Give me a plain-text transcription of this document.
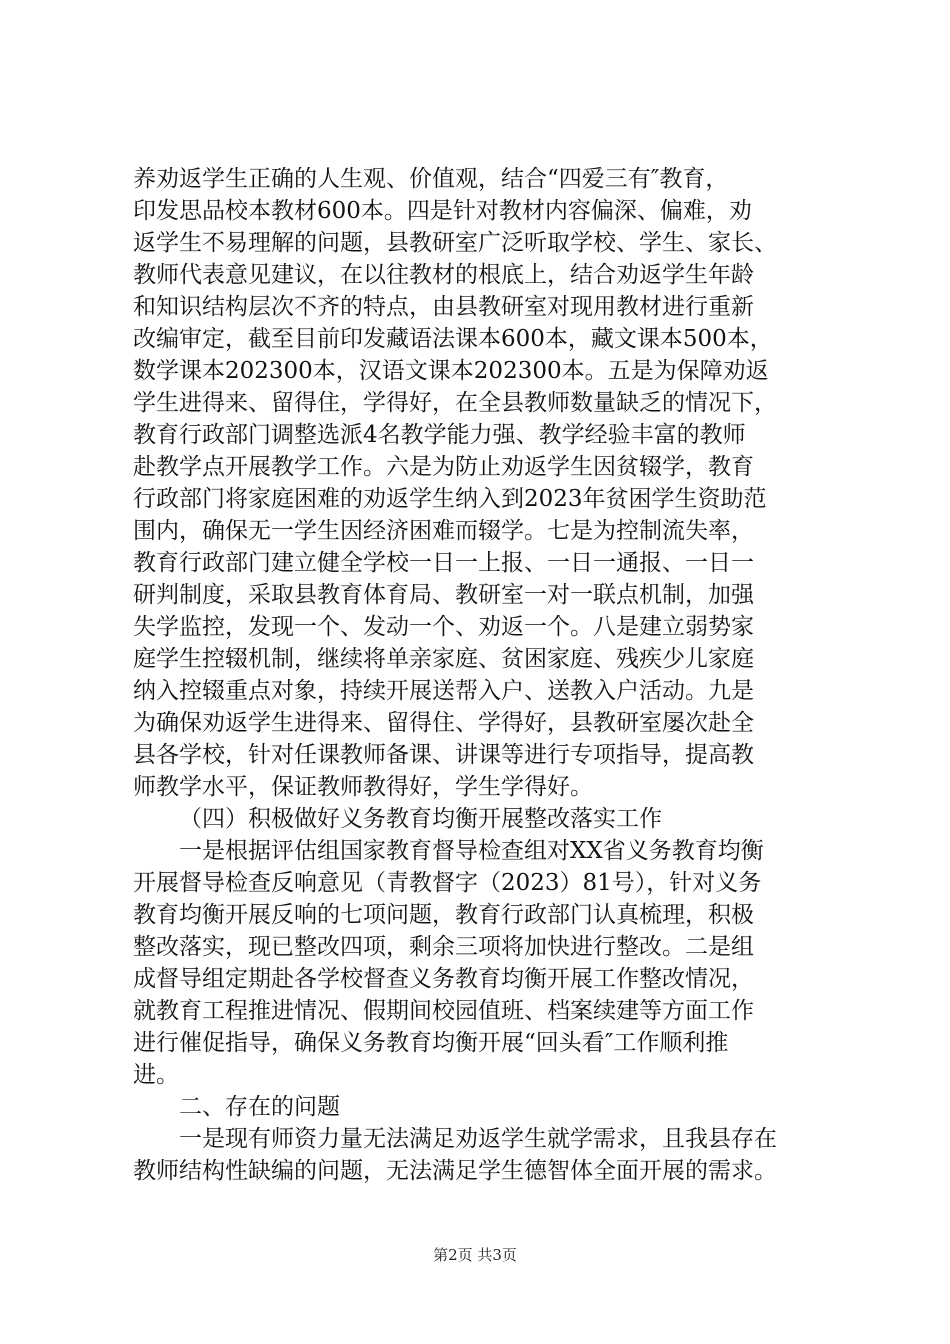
养劝返学生正确的人生观、价值观，结合“四爱三有″教育，
印发思品校本教材600本。四是针对教材内容偏深、偏难，劝
返学生不易理解的问题，县教研室广泛听取学校、学生、家长、
教师代表意见建议，在以往教材的根底上，结合劝返学生年龄
和知识结构层次不齐的特点，由县教研室对现用教材进行重新
改编审定，截至目前印发藏语法课本600本，藏文课本500本，
数学课本202300本，汉语文课本202300本。五是为保障劝返
学生进得来、留得住，学得好，在全县教师数量缺乏的情况下，
教育行政部门调整选派4名教学能力强、教学经验丰富的教师
赴教学点开展教学工作。六是为防止劝返学生因贫辍学，教育
行政部门将家庭困难的劝返学生纳入到2023年贫困学生资助范
围内，确保无一学生因经济困难而辍学。七是为控制流失率，
教育行政部门建立健全学校一日一上报、一日一通报、一日一
研判制度，采取县教育体育局、教研室一对一联点机制，加强
失学监控，发现一个、发动一个、劝返一个。八是建立弱势家
庭学生控辍机制，继续将单亲家庭、贫困家庭、残疾少儿家庭
纳入控辍重点对象，持续开展送帮入户、送教入户活动。九是
为确保劝返学生进得来、留得住、学得好，县教研室屡次赴全
县各学校，针对任课教师备课、讲课等进行专项指导，提高教
师教学水平，保证教师教得好，学生学得好。
（四）积极做好义务教育均衡开展整改落实工作
一是根据评估组国家教育督导检查组对XX省义务教育均衡
开展督导检查反响意见（青教督字（2023）81号），针对义务
教育均衡开展反响的七项问题，教育行政部门认真梳理，积极
整改落实，现已整改四项，剩余三项将加快进行整改。二是组
成督导组定期赴各学校督查义务教育均衡开展工作整改情况，
就教育工程推进情况、假期间校园值班、档案续建等方面工作
进行催促指导，确保义务教育均衡开展“回头看″工作顺利推
进。
二、存在的问题
一是现有师资力量无法满足劝返学生就学需求，且我县存在
教师结构性缺编的问题，无法满足学生德智体全面开展的需求。
第2页 共3页
